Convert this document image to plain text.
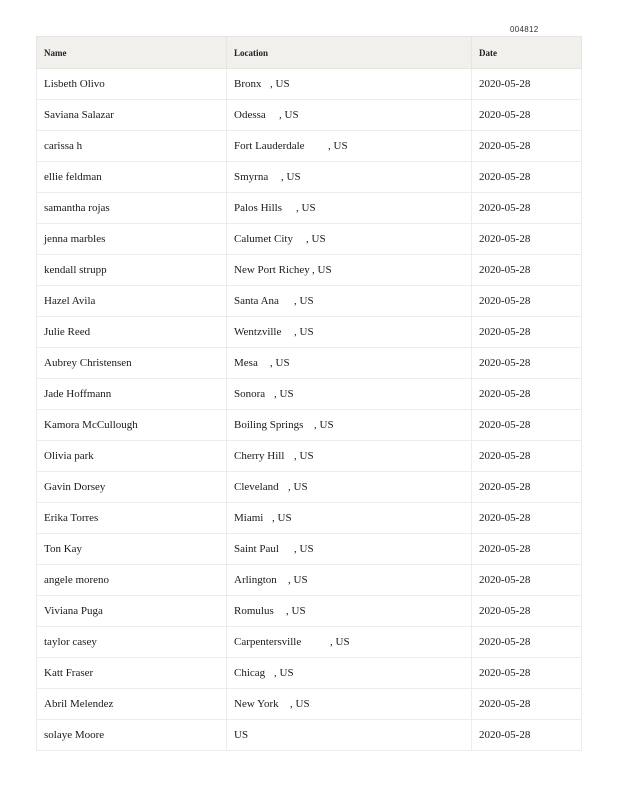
004812
Name	Location	Date
Lisbeth Olivo	Bronx , US	2020-05-28
Saviana Salazar	Odessa , US	2020-05-28
carissa h	Fort Lauderdale , US	2020-05-28
ellie feldman	Smyrna , US	2020-05-28
samantha rojas	Palos Hills , US	2020-05-28
jenna marbles	Calumet City , US	2020-05-28
kendall strupp	New Port Richey , US	2020-05-28
Hazel Avila	Santa Ana , US	2020-05-28
Julie Reed	Wentzville , US	2020-05-28
Aubrey Christensen	Mesa , US	2020-05-28
Jade Hoffmann	Sonora , US	2020-05-28
Kamora McCullough	Boiling Springs , US	2020-05-28
Olivia park	Cherry Hill , US	2020-05-28
Gavin Dorsey	Cleveland , US	2020-05-28
Erika Torres	Miami , US	2020-05-28
Ton Kay	Saint Paul , US	2020-05-28
angele moreno	Arlington , US	2020-05-28
Viviana Puga	Romulus , US	2020-05-28
taylor casey	Carpentersville , US	2020-05-28
Katt Fraser	Chicag , US	2020-05-28
Abril Melendez	New York , US	2020-05-28
solaye Moore	US	2020-05-28
